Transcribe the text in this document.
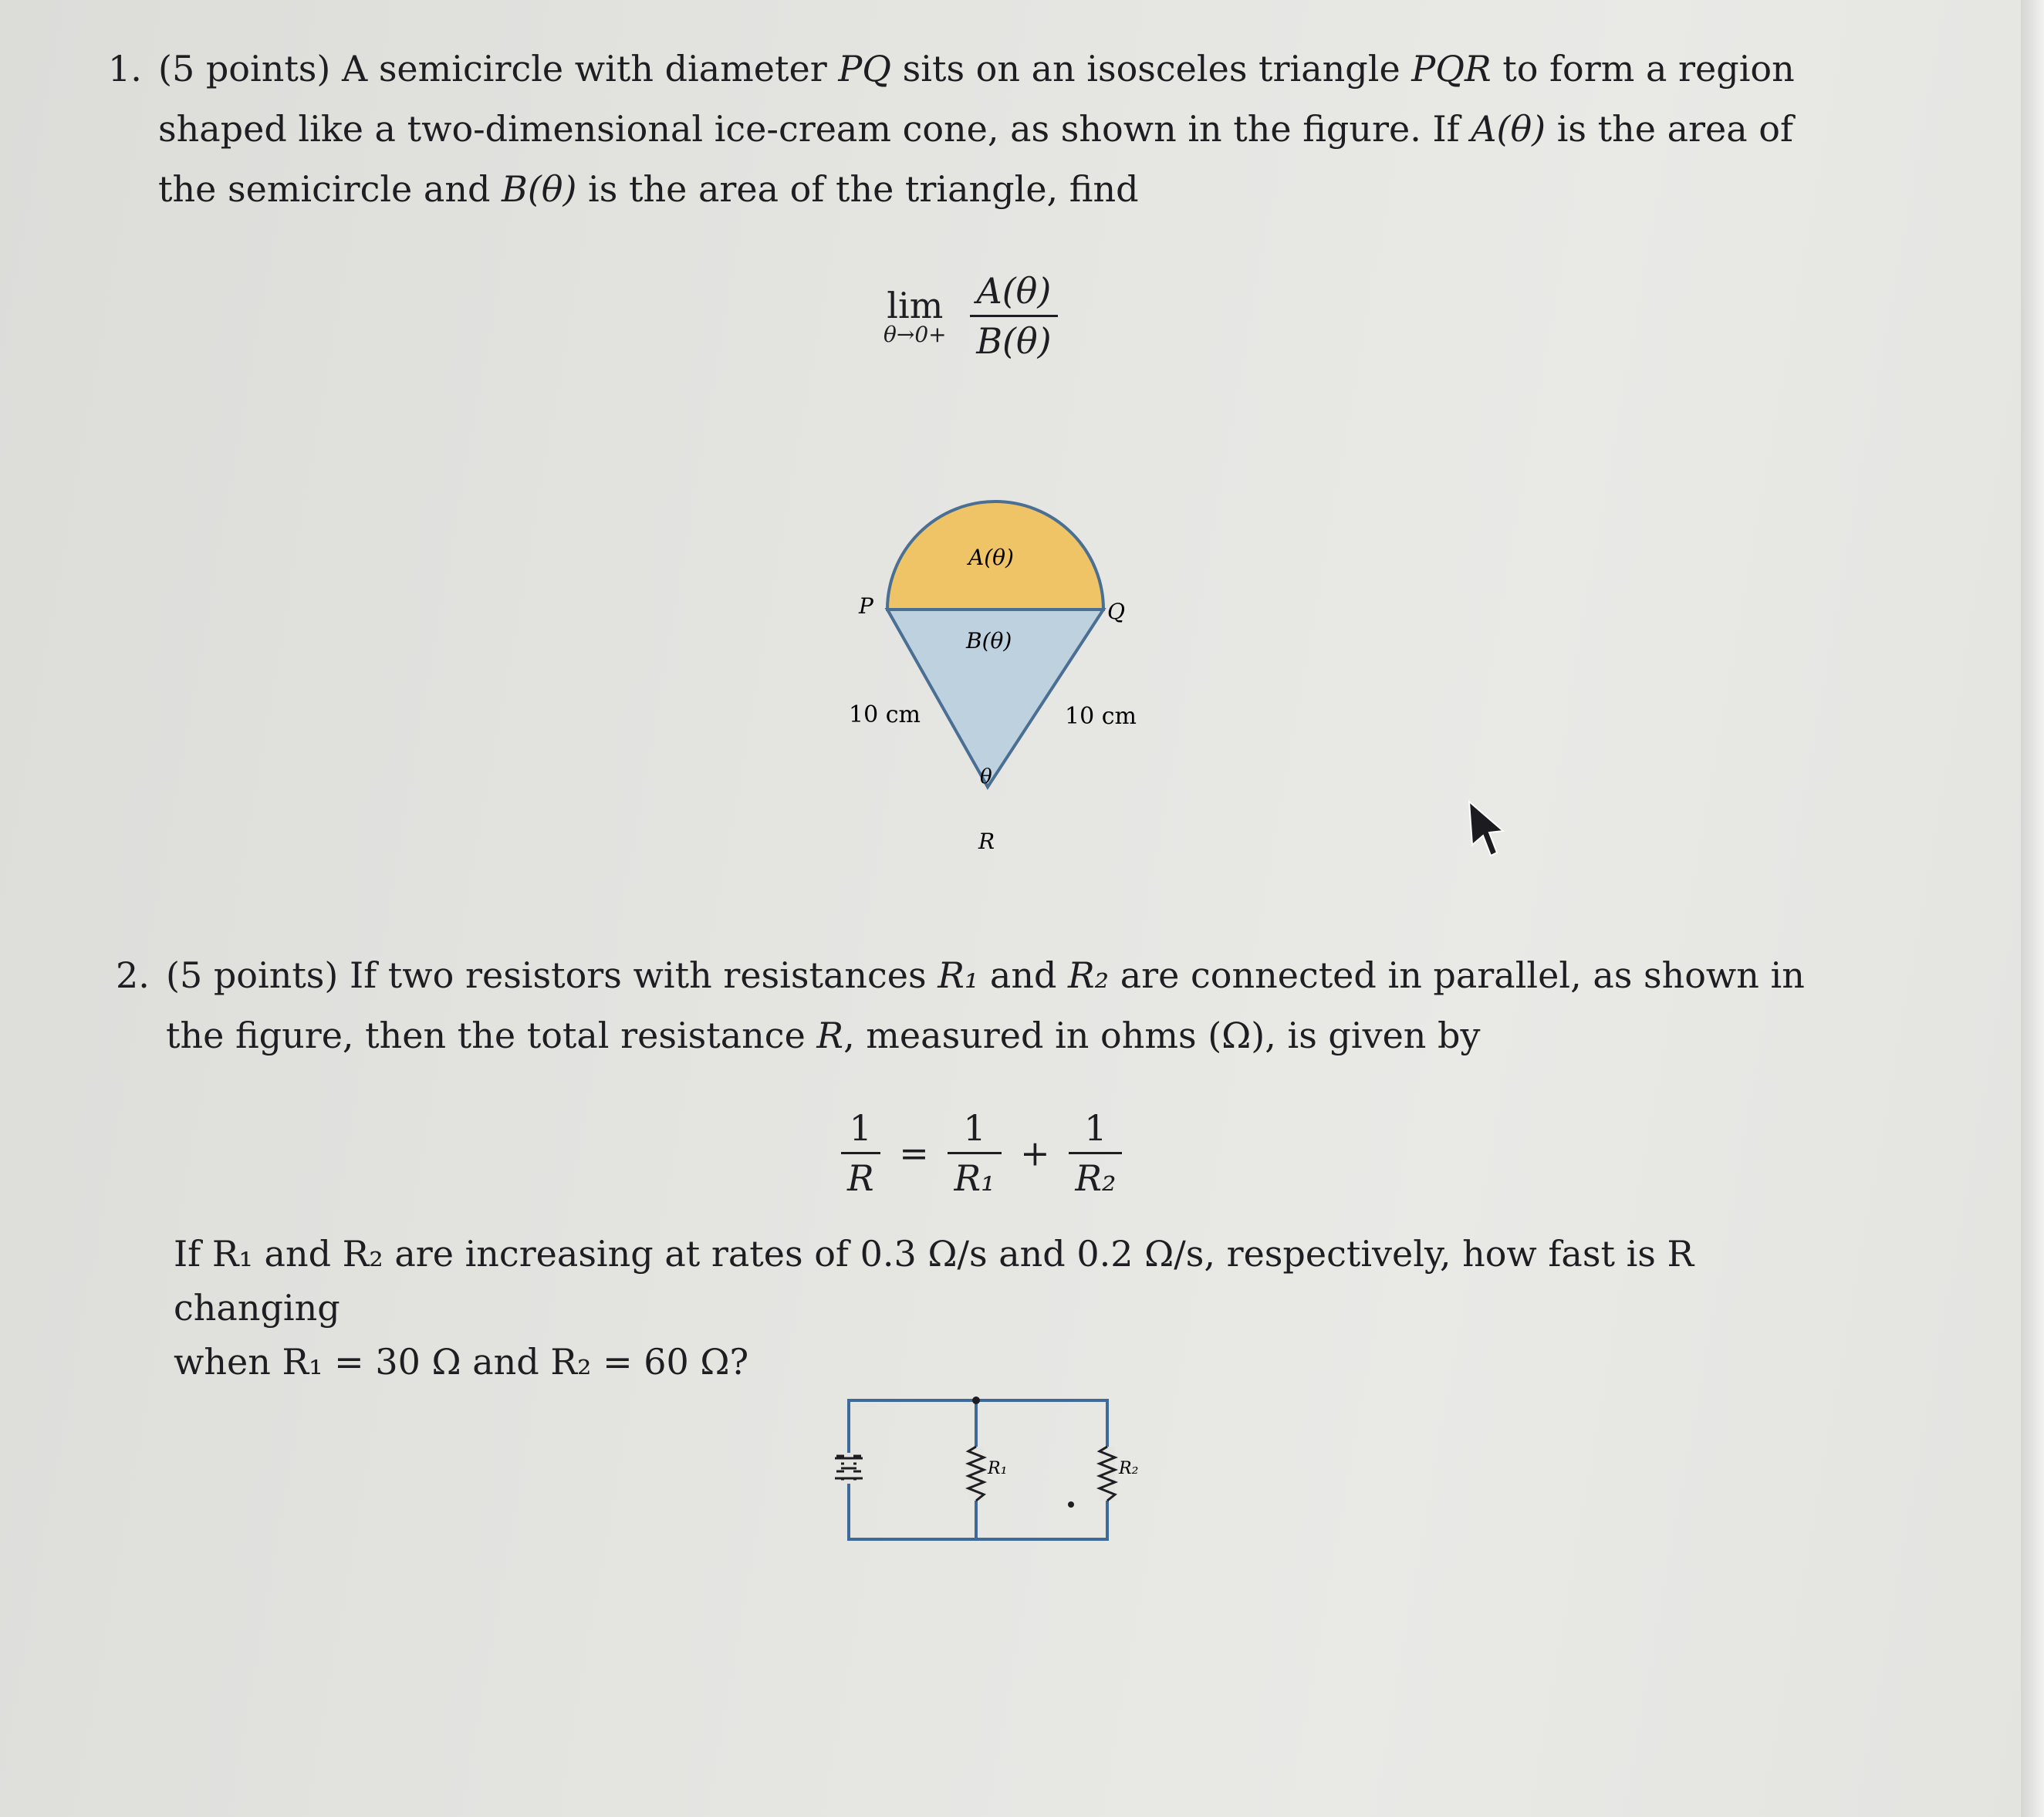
1. (5 points) A semicircle with diameter PQ sits on an isosceles triangle PQR to form a region shaped like a two-dimensional ice-cream cone, as shown in the figure. If A(θ) is the area of the semicircle and B(θ) is the area of the triangle, find
lim
θ→0+
$\frac{A(\theta)}{B(\theta)}$
A(θ)
B(θ)
P	Q
R
θ
10 cm	10 cm
2. (5 points) If two resistors with resistances R₁ and R₂ are connected in parallel, as shown in the figure, then the total resistance R, measured in ohms (Ω), is given by
$\frac{1}{R} = \frac{1}{\text{R₁}} + \frac{1}{\text{R₂}}$
If R₁ and R₂ are increasing at rates of 0.3 Ω/s and 0.2 Ω/s, respectively, how fast is R changing
when R₁ = 30 Ω and R₂ = 60 Ω?
R₁	R₂
